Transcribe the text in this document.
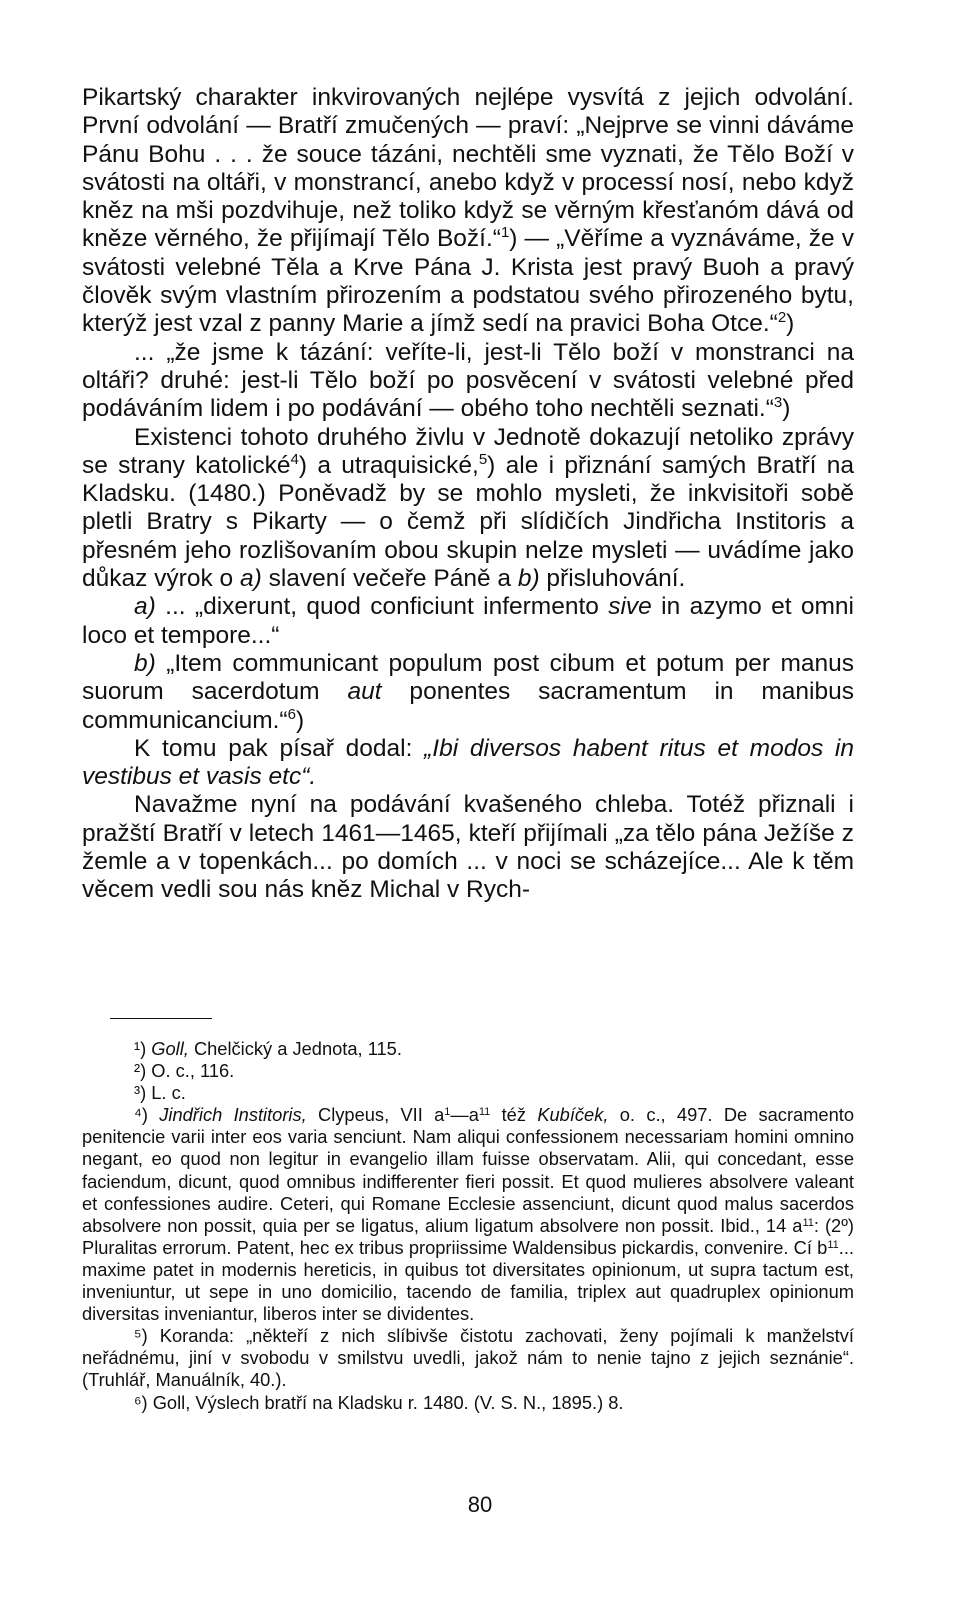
Pikartský charakter inkvirovaných nejlépe vysvítá z jejich odvolání. První odvolání — Bratří zmučených — praví: „Nejprve se vinni dáváme Pánu Bohu . . . že souce tázáni, nechtěli sme vyznati, že Tělo Boží v svátosti na oltáři, v monstrancí, anebo když v processí nosí, nebo když kněz na mši pozdvihuje, než toliko když se věrným křesťanóm dává od kněze věrného, že přijímají Tělo Boží.“$^1$) — „Věříme a vyznáváme, že v svátosti velebné Těla a Krve Pána J. Krista jest pravý Buoh a pravý člověk svým vlastním přirozením a podstatou svého přirozeného bytu, kterýž jest vzal z panny Marie a jímž sedí na pravici Boha Otce.“$^2$)

... „že jsme k tázání: veříte-li, jest-li Tělo boží v monstranci na oltáři? druhé: jest-li Tělo boží po posvěcení v svátosti velebné před podáváním lidem i po podávání — obého toho nechtěli seznati.“$^3$)

Existenci tohoto druhého živlu v Jednotě dokazují netoliko zprávy se strany katolické$^4$) a utraquisické,$^5$) ale i přiznání samých Bratří na Kladsku. (1480.) Poněvadž by se mohlo mysleti, že inkvisitoři sobě pletli Bratry s Pikarty — o čemž při slídičích Jindřicha Institoris a přesném jeho rozlišovaním obou skupin nelze mysleti — uvádíme jako důkaz výrok o a) slavení večeře Páně a b) přisluhování.

a) ... „dixerunt, quod conficiunt infermento sive in azymo et omni loco et tempore...“

b) „Item communicant populum post cibum et potum per manus suorum sacerdotum aut ponentes sacramentum in manibus communicancium.“$^6$)

K tomu pak písař dodal: „Ibi diversos habent ritus et modos in vestibus et vasis etc“.

Navažme nyní na podávání kvašeného chleba. Totéž přiznali i pražští Bratří v letech 1461—1465, kteří přijímali „za tělo pána Ježíše z žemle a v topenkách... po domích ... v noci se scházejíce... Ale k těm věcem vedli sou nás kněz Michal v Rych-

¹) Goll, Chelčický a Jednota, 115.

²) O. c., 116.

³) L. c.

⁴) Jindřich Institoris, Clypeus, VII a$^1$—a$^{11}$ též Kubíček, o. c., 497. De sacramento penitencie varii inter eos varia senciunt. Nam aliqui confessionem necessariam homini omnino negant, eo quod non legitur in evangelio illam fuisse observatam. Alii, qui concedant, esse faciendum, dicunt, quod omnibus indifferenter fieri possit. Et quod mulieres absolvere valeant et confessiones audire. Ceteri, qui Romane Ecclesie assenciunt, dicunt quod malus sacerdos absolvere non possit, quia per se ligatus, alium ligatum absolvere non possit. Ibid., 14 a$^{11}$: (2º) Pluralitas errorum. Patent, hec ex tribus propriissime Waldensibus pickardis, convenire. Cí b$^{11}$... maxime patet in modernis hereticis, in quibus tot diversitates opinionum, ut supra tactum est, inveniuntur, ut sepe in uno domicilio, tacendo de familia, triplex aut quadruplex opinionum diversitas inveniantur, liberos inter se dividentes.

⁵) Koranda: „někteří z nich slíbivše čistotu zachovati, ženy pojímali k manželství neřádnému, jiní v svobodu v smilstvu uvedli, jakož nám to nenie tajno z jejich seznánie“. (Truhlář, Manuálník, 40.).

⁶) Goll, Výslech bratří na Kladsku r. 1480. (V. S. N., 1895.) 8.

80
